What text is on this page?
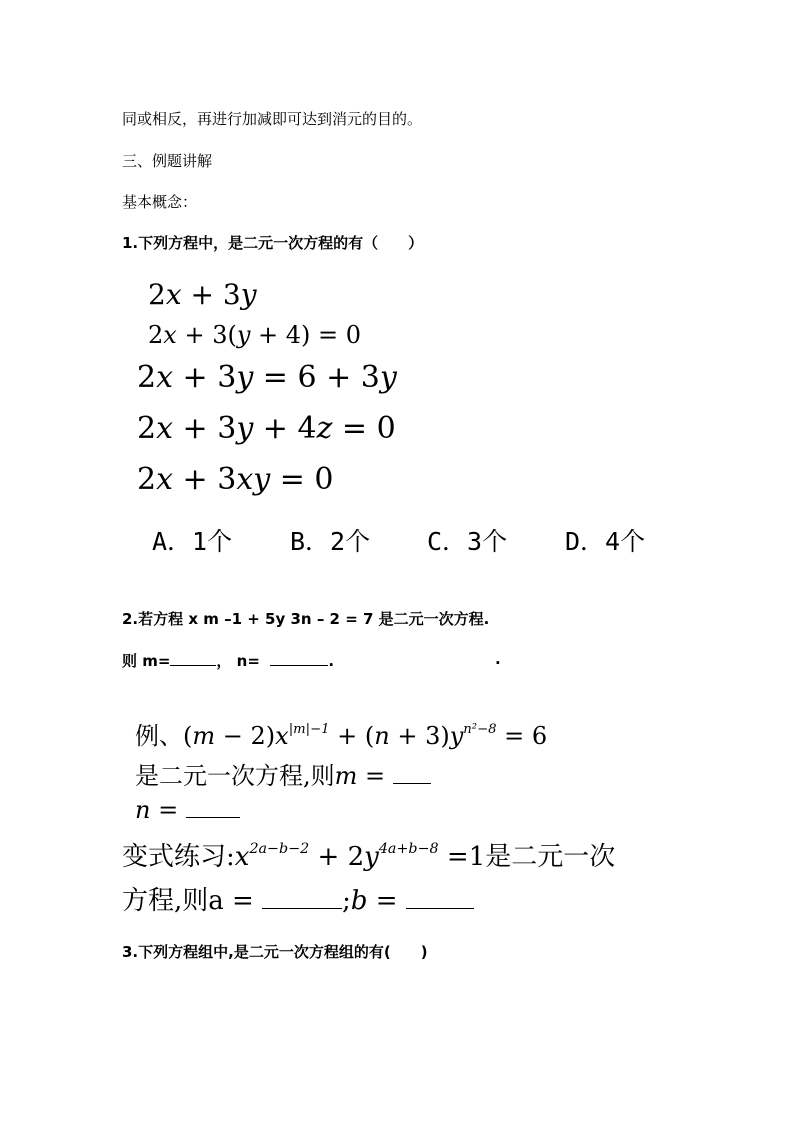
同或相反，再进行加减即可达到消元的目的。
三、例题讲解
基本概念：
1.下列方程中，是二元一次方程的有（　　）
2x + 3y
2x + 3(y + 4) = 0
2x + 3y = 6 + 3y
2x + 3y + 4z = 0
2x + 3xy = 0
A．1个 B．2个 C．3个 D．4个
2.若方程 x m –1 + 5y 3n – 2 = 7 是二元一次方程.
则 m=	， n=	.	.
例、$(m - 2)x^{|m|-1} + (n + 3)y^{n^2-8} = 6$
是二元一次方程,则m =
n =
变式练习$:x^{2a-b-2} + 2y^{4a+b-8} =1$是二元一次
方程,则a =	;b =
3.下列方程组中,是二元一次方程组的有(　　)
